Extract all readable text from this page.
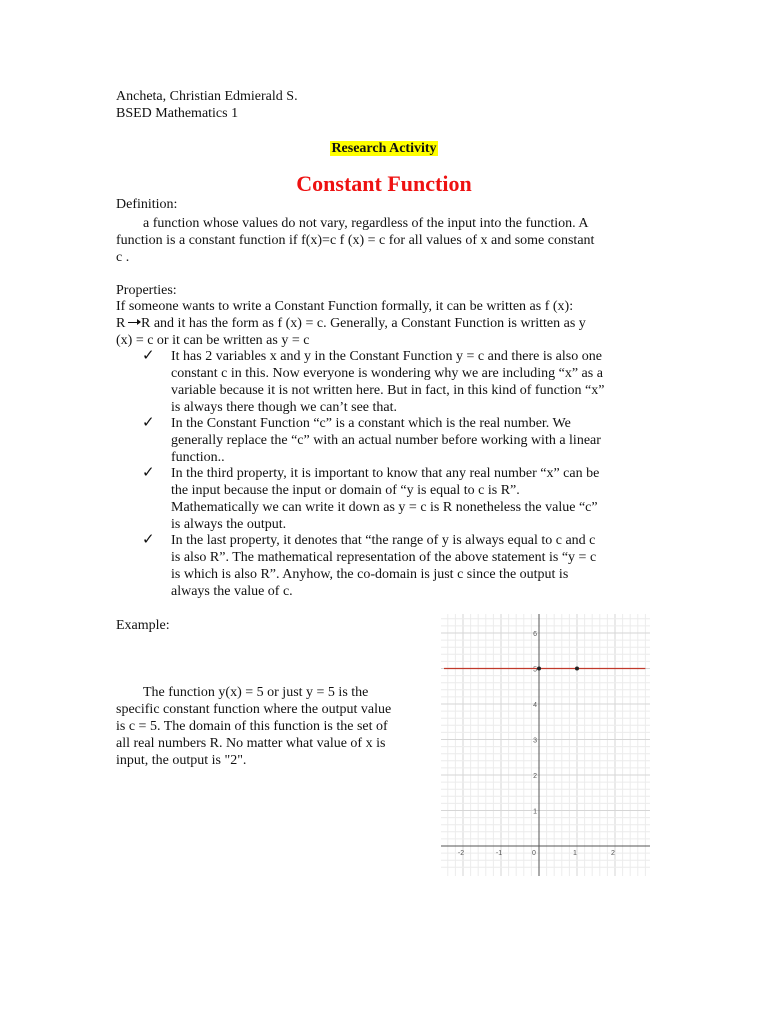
Ancheta, Christian Edmierald S.
BSED Mathematics 1
Research Activity
Constant Function
Definition:
a function whose values do not vary, regardless of the input into the function. A
function is a constant function if f(x)=c f (x) = c for all values of x and some constant
c .
Properties:
If someone wants to write a Constant Function formally, it can be written as f (x):
R R and it has the form as f (x) = c. Generally, a Constant Function is written as y
(x) = c or it can be written as y = c
✓ It has 2 variables x and y in the Constant Function y = c and there is also one
constant c in this. Now everyone is wondering why we are including “x” as a
variable because it is not written here. But in fact, in this kind of function “x”
is always there though we can’t see that.
✓ In the Constant Function “c” is a constant which is the real number. We
generally replace the “c” with an actual number before working with a linear
function..
✓ In the third property, it is important to know that any real number “x” can be
the input because the input or domain of “y is equal to c is R”.
Mathematically we can write it down as y = c is R nonetheless the value “c”
is always the output.
✓ In the last property, it denotes that “the range of y is always equal to c and c
is also R”. The mathematical representation of the above statement is “y = c
is which is also R”. Anyhow, the co-domain is just c since the output is
always the value of c.
Example:
The function y(x) = 5 or just y = 5 is the
specific constant function where the output value
is c = 5. The domain of this function is the set of
all real numbers R. No matter what value of x is
input, the output is "2".
-2	-1	0	1	2
1
2
3
4
5
6
